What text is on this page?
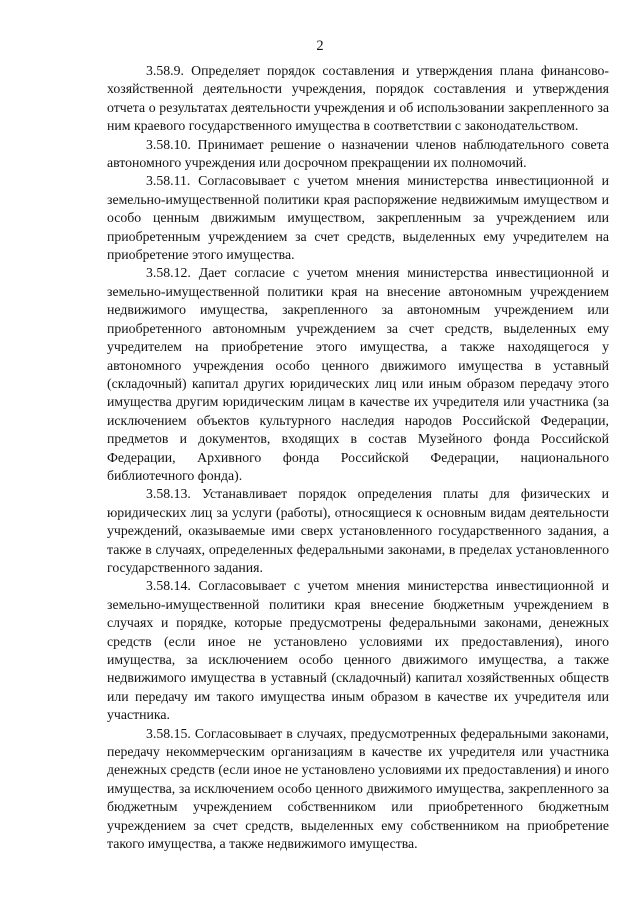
2

3.58.9. Определяет порядок составления и утверждения плана финансово-хозяйственной деятельности учреждения, порядок составления и утверждения отчета о результатах деятельности учреждения и об использовании закрепленного за ним краевого государственного имущества в соответствии с законодательством.

3.58.10. Принимает решение о назначении членов наблюдательного совета автономного учреждения или досрочном прекращении их полномочий.

3.58.11. Согласовывает с учетом мнения министерства инвестиционной и земельно-имущественной политики края распоряжение недвижимым имуществом и особо ценным движимым имуществом, закрепленным за учреждением или приобретенным учреждением за счет средств, выделенных ему учредителем на приобретение этого имущества.

3.58.12. Дает согласие с учетом мнения министерства инвестиционной и земельно-имущественной политики края на внесение автономным учреждением недвижимого имущества, закрепленного за автономным учреждением или приобретенного автономным учреждением за счет средств, выделенных ему учредителем на приобретение этого имущества, а также находящегося у автономного учреждения особо ценного движимого имущества в уставный (складочный) капитал других юридических лиц или иным образом передачу этого имущества другим юридическим лицам в качестве их учредителя или участника (за исключением объектов культурного наследия народов Российской Федерации, предметов и документов, входящих в состав Музейного фонда Российской Федерации, Архивного фонда Российской Федерации, национального библиотечного фонда).

3.58.13. Устанавливает порядок определения платы для физических и юридических лиц за услуги (работы), относящиеся к основным видам деятельности учреждений, оказываемые ими сверх установленного государственного задания, а также в случаях, определенных федеральными законами, в пределах установленного государственного задания.

3.58.14. Согласовывает с учетом мнения министерства инвестиционной и земельно-имущественной политики края внесение бюджетным учреждением в случаях и порядке, которые предусмотрены федеральными законами, денежных средств (если иное не установлено условиями их предоставления), иного имущества, за исключением особо ценного движимого имущества, а также недвижимого имущества в уставный (складочный) капитал хозяйственных обществ или передачу им такого имущества иным образом в качестве их учредителя или участника.

3.58.15. Согласовывает в случаях, предусмотренных федеральными законами, передачу некоммерческим организациям в качестве их учредителя или участника денежных средств (если иное не установлено условиями их предоставления) и иного имущества, за исключением особо ценного движимого имущества, закрепленного за бюджетным учреждением собственником или приобретенного бюджетным учреждением за счет средств, выделенных ему собственником на приобретение такого имущества, а также недвижимого имущества.
